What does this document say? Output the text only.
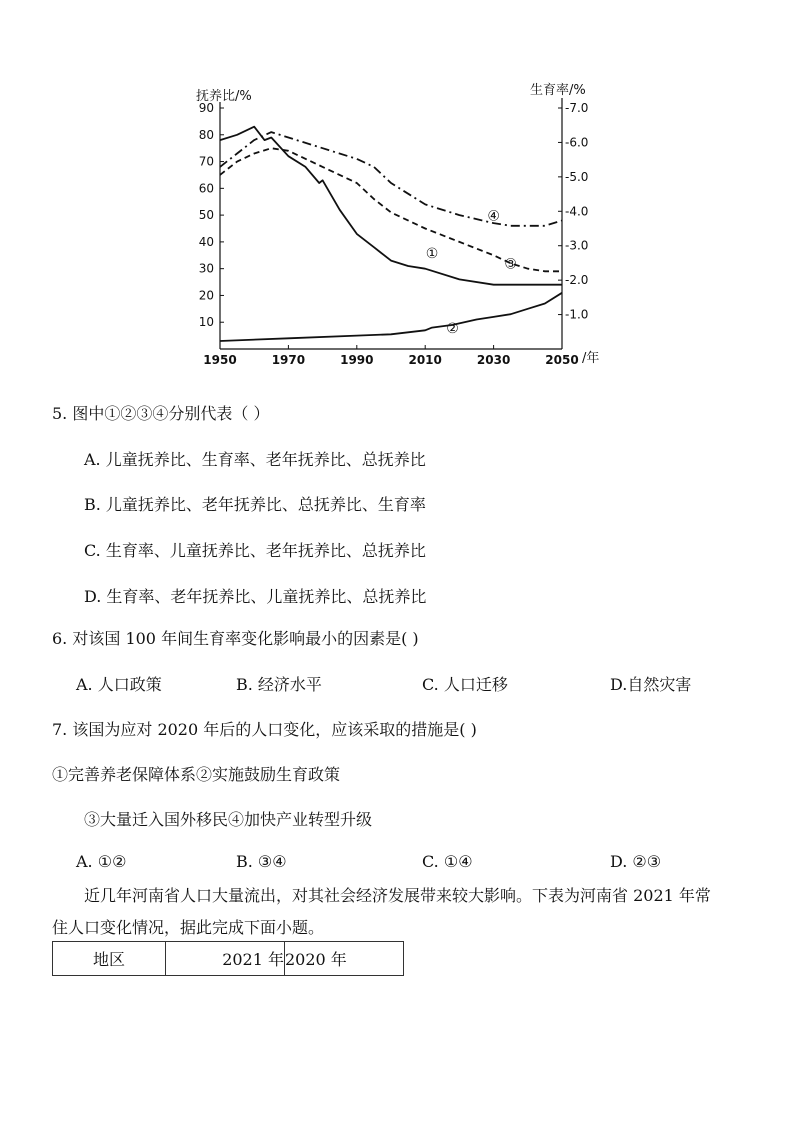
抚养比/%	生育率/%
/年
10
20
30
40
50
60
70
80
90
-1.0
-2.0
-3.0
-4.0
-5.0
-6.0
-7.0
1950	1970	1990	2010	2030	2050
①
②
③
④
5. 图中①②③④分别代表（ ）
A. 儿童抚养比、生育率、老年抚养比、总抚养比
B. 儿童抚养比、老年抚养比、总抚养比、生育率
C. 生育率、儿童抚养比、老年抚养比、总抚养比
D. 生育率、老年抚养比、儿童抚养比、总抚养比
6. 对该国 100 年间生育率变化影响最小的因素是( )
A. 人口政策	B. 经济水平	C. 人口迁移	D.自然灾害
7. 该国为应对 2020 年后的人口变化，应该采取的措施是( )
①完善养老保障体系②实施鼓励生育政策
③大量迁入国外移民④加快产业转型升级
A. ①②	B. ③④	C. ①④	D. ②③
近几年河南省人口大量流出，对其社会经济发展带来较大影响。下表为河南省 2021 年常住人口变化情况，据此完成下面小题。
地区	2021 年	2020 年
